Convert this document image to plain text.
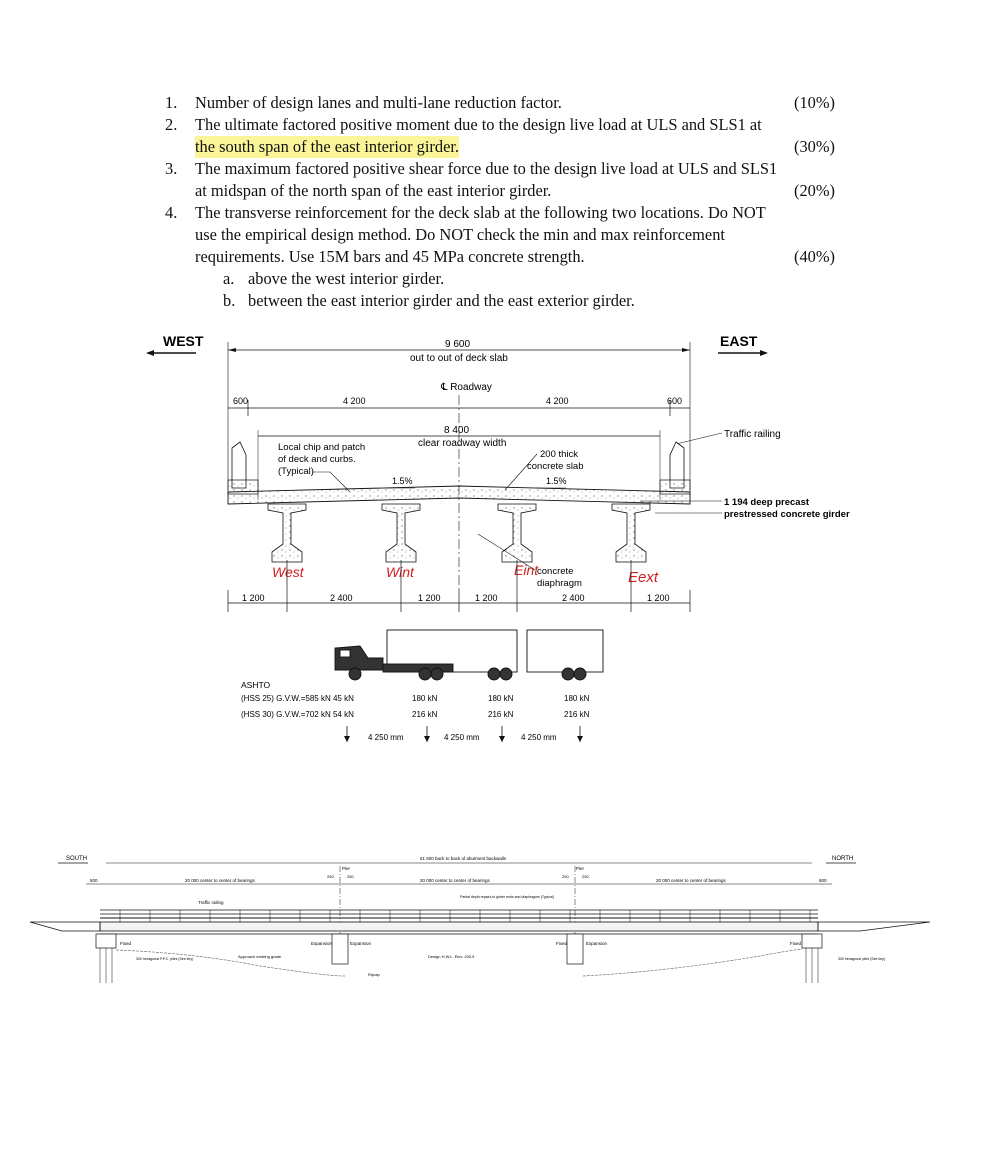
1.	Number of design lanes and multi-lane reduction factor.	(10%)
2.	The ultimate factored positive moment due to the design live load at ULS and SLS1 at
the south span of the east interior girder.	(30%)
3.	The maximum factored positive shear force due to the design live load at ULS and SLS1
at midspan of the north span of the east interior girder.	(20%)
4.	The transverse reinforcement for the deck slab at the following two locations. Do NOT
use the empirical design method. Do NOT check the min and max reinforcement
requirements. Use 15M bars and 45 MPa concrete strength.	(40%)
a. above the west interior girder.
b. between the east interior girder and the east exterior girder.
WEST	EAST
9 600
out to out of deck slab
℄ Roadway
600	4 200	4 200	600
8 400
clear roadway width
Local chip and patch of deck and curbs. (Typical)
200 thick concrete slab
1.5%	1.5%
Traffic railing
1 194 deep precast prestressed concrete girder
West	Wint	Eint	Eext
concrete diaphragm
1 200	2 400	1 200	1 200	2 400	1 200
ASHTO
(HSS 25) G.V.W.=585 kN 45 kN
(HSS 30) G.V.W.=702 kN 54 kN
180 kN	180 kN	180 kN
216 kN	216 kN	216 kN
4 250 mm	4 250 mm	4 250 mm
SOUTH	NORTH
61 600 back to back of abutment backwalls
500	500
20 000 center to center of bearings	20 000 center to center of bearings	20 000 center to center of bearings
Pier	Pier
250	250	250	250
Traffic railing
Partial depth repairs to girder ends and diaphragms (Typical)
Fixed	Expansion	Expansion	Fixed	Expansion	Fixed
Approach existing grade	Design H.W.L. Elev. 200.5
Riprap
300 hexagonal P.P.C. piles (See key)	300 hexagonal piles (See key)
